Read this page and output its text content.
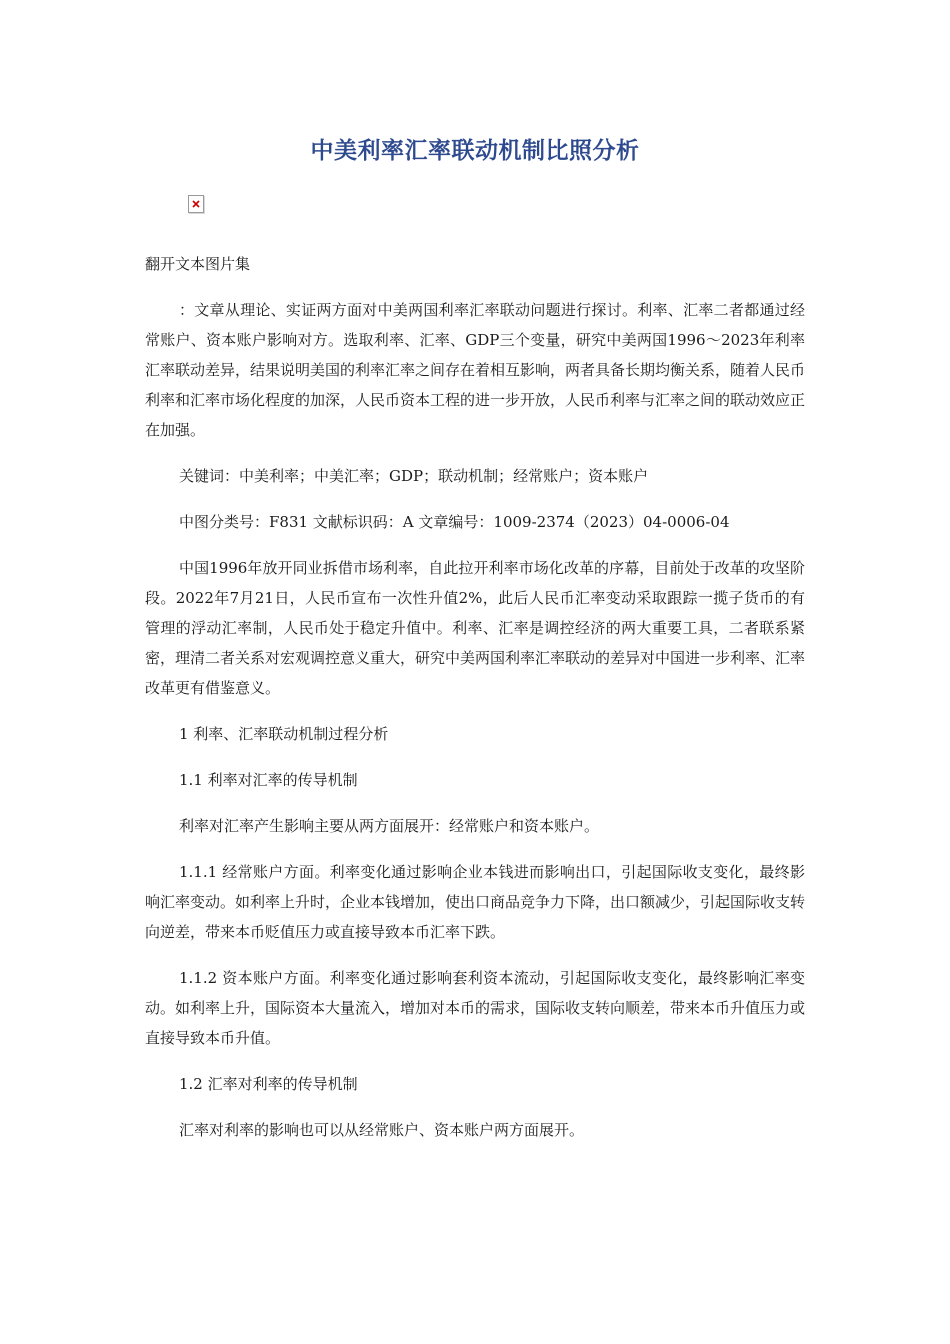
中美利率汇率联动机制比照分析

翻开文本图片集

：文章从理论、实证两方面对中美两国利率汇率联动问题进行探讨。利率、汇率二者都通过经常账户、资本账户影响对方。选取利率、汇率、GDP三个变量，研究中美两国1996～2023年利率汇率联动差异，结果说明美国的利率汇率之间存在着相互影响，两者具备长期均衡关系，随着人民币利率和汇率市场化程度的加深，人民币资本工程的进一步开放，人民币利率与汇率之间的联动效应正在加强。

关键词：中美利率；中美汇率；GDP；联动机制；经常账户；资本账户

中图分类号：F831 文献标识码：A 文章编号：1009-2374（2023）04-0006-04

中国1996年放开同业拆借市场利率，自此拉开利率市场化改革的序幕，目前处于改革的攻坚阶段。2022年7月21日，人民币宣布一次性升值2%，此后人民币汇率变动采取跟踪一揽子货币的有管理的浮动汇率制，人民币处于稳定升值中。利率、汇率是调控经济的两大重要工具，二者联系紧密，理清二者关系对宏观调控意义重大，研究中美两国利率汇率联动的差异对中国进一步利率、汇率改革更有借鉴意义。

1 利率、汇率联动机制过程分析

1.1 利率对汇率的传导机制

利率对汇率产生影响主要从两方面展开：经常账户和资本账户。

1.1.1 经常账户方面。利率变化通过影响企业本钱进而影响出口，引起国际收支变化，最终影响汇率变动。如利率上升时，企业本钱增加，使出口商品竞争力下降，出口额减少，引起国际收支转向逆差，带来本币贬值压力或直接导致本币汇率下跌。

1.1.2 资本账户方面。利率变化通过影响套利资本流动，引起国际收支变化，最终影响汇率变动。如利率上升，国际资本大量流入，增加对本币的需求，国际收支转向顺差，带来本币升值压力或直接导致本币升值。

1.2 汇率对利率的传导机制

汇率对利率的影响也可以从经常账户、资本账户两方面展开。
